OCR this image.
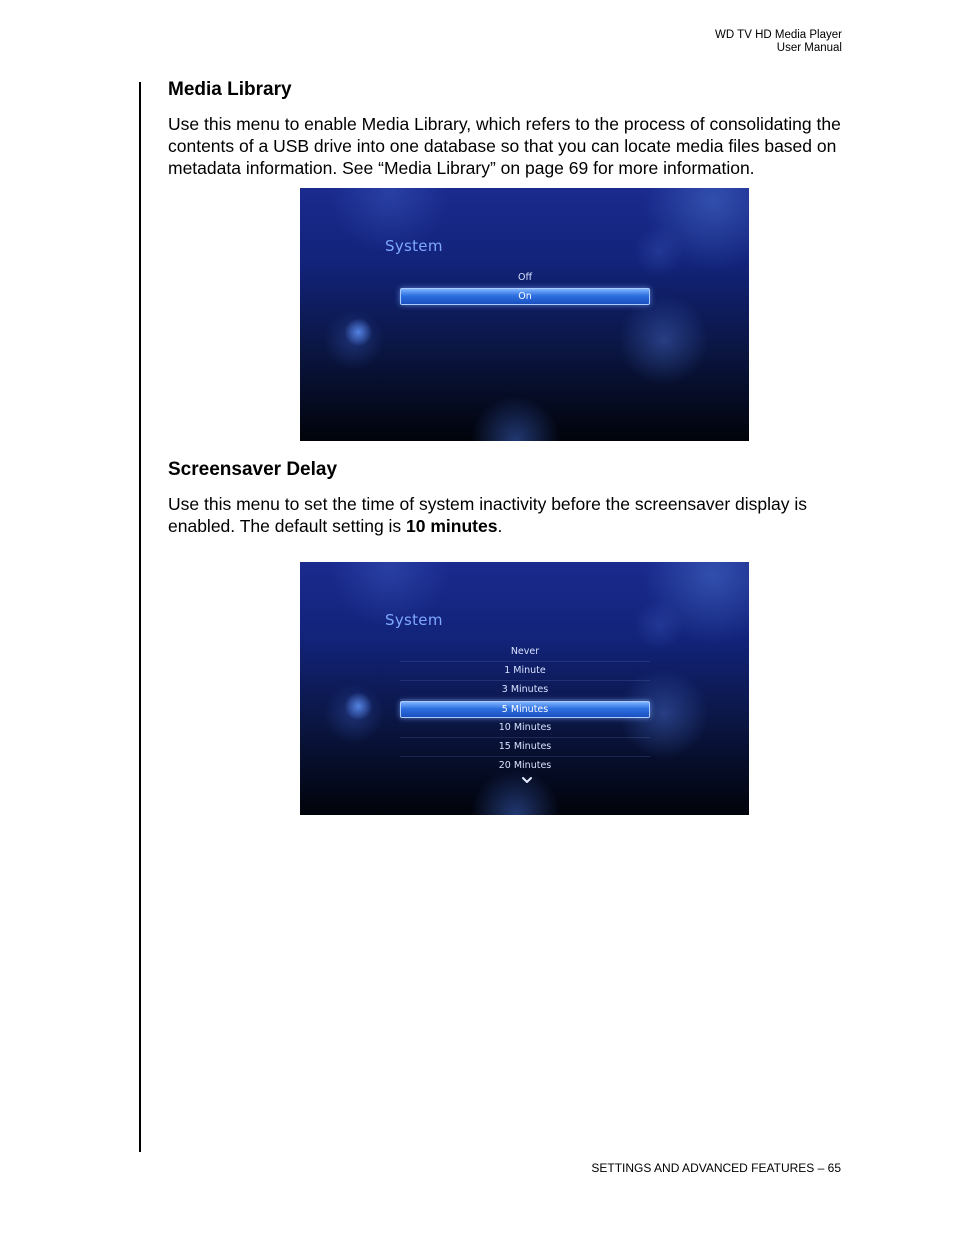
WD TV HD Media Player
User Manual
Media Library

Use this menu to enable Media Library, which refers to the process of consolidating the contents of a USB drive into one database so that you can locate media files based on metadata information. See “Media Library” on page 69 for more information.

System
Off
On
Screensaver Delay

Use this menu to set the time of system inactivity before the screensaver display is enabled. The default setting is 10 minutes.

System
Never
1 Minute
3 Minutes
5 Minutes
10 Minutes
15 Minutes
20 Minutes
SETTINGS AND ADVANCED FEATURES – 65
